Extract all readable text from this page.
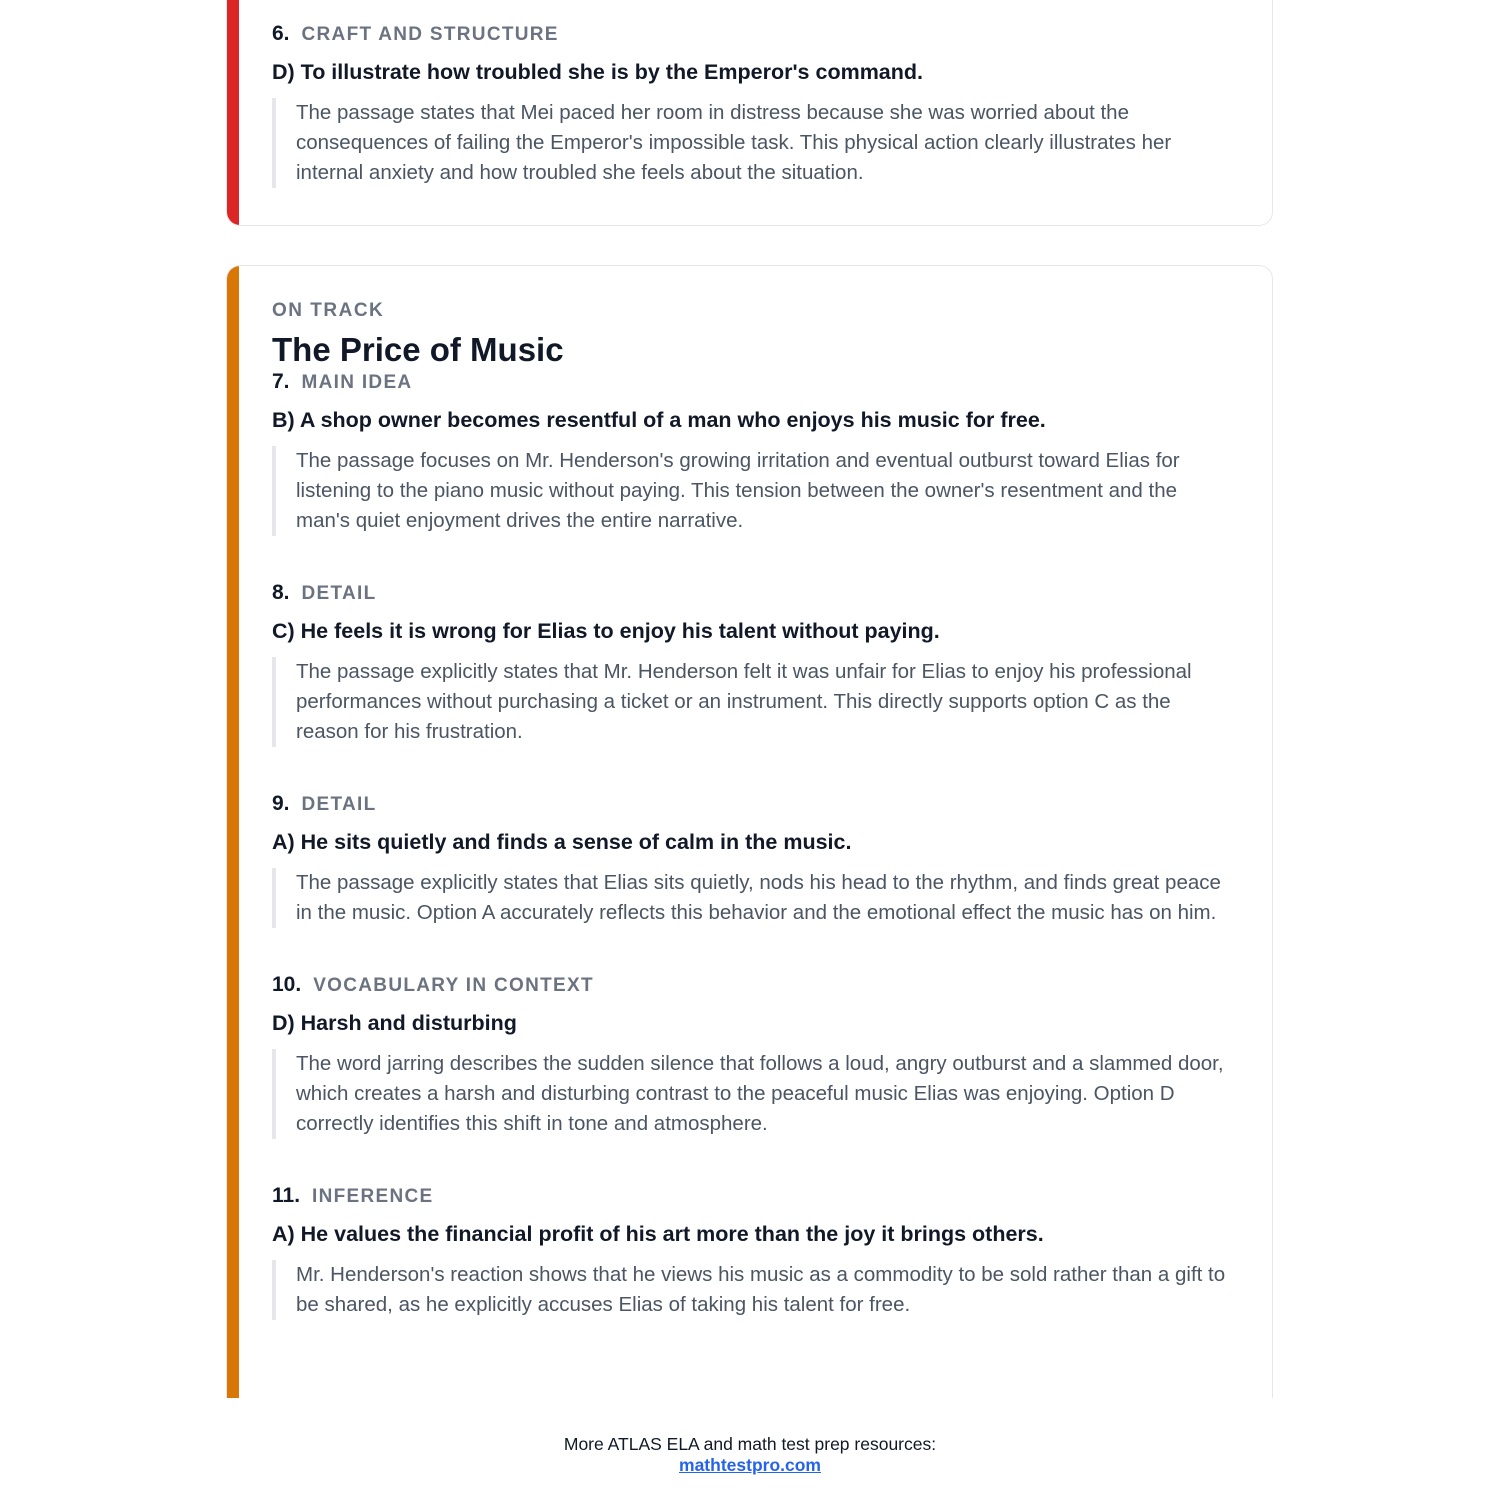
6. CRAFT AND STRUCTURE
D) To illustrate how troubled she is by the Emperor's command.
The passage states that Mei paced her room in distress because she was worried about the consequences of failing the Emperor's impossible task. This physical action clearly illustrates her internal anxiety and how troubled she feels about the situation.
ON TRACK
The Price of Music
7. MAIN IDEA
B) A shop owner becomes resentful of a man who enjoys his music for free.
The passage focuses on Mr. Henderson's growing irritation and eventual outburst toward Elias for listening to the piano music without paying. This tension between the owner's resentment and the man's quiet enjoyment drives the entire narrative.
8. DETAIL
C) He feels it is wrong for Elias to enjoy his talent without paying.
The passage explicitly states that Mr. Henderson felt it was unfair for Elias to enjoy his professional performances without purchasing a ticket or an instrument. This directly supports option C as the reason for his frustration.
9. DETAIL
A) He sits quietly and finds a sense of calm in the music.
The passage explicitly states that Elias sits quietly, nods his head to the rhythm, and finds great peace in the music. Option A accurately reflects this behavior and the emotional effect the music has on him.
10. VOCABULARY IN CONTEXT
D) Harsh and disturbing
The word jarring describes the sudden silence that follows a loud, angry outburst and a slammed door, which creates a harsh and disturbing contrast to the peaceful music Elias was enjoying. Option D correctly identifies this shift in tone and atmosphere.
11. INFERENCE
A) He values the financial profit of his art more than the joy it brings others.
Mr. Henderson's reaction shows that he views his music as a commodity to be sold rather than a gift to be shared, as he explicitly accuses Elias of taking his talent for free.
More ATLAS ELA and math test prep resources:
mathtestpro.com
